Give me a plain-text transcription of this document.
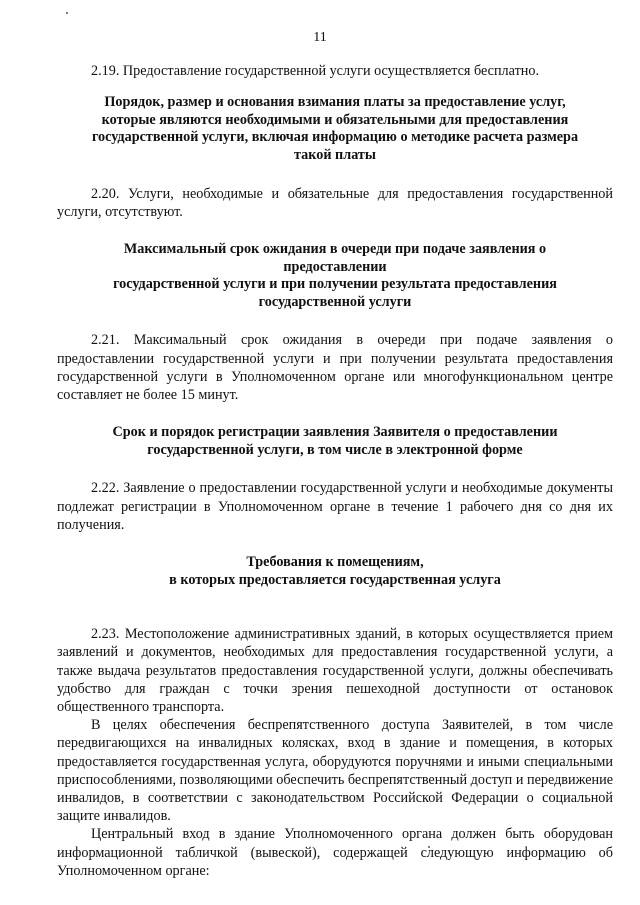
11

2.19. Предоставление государственной услуги осуществляется бесплатно.

Порядок, размер и основания взимания платы за предоставление услуг,

которые являются необходимыми и обязательными для предоставления

государственной услуги, включая информацию о методике расчета размера

такой платы

2.20. Услуги, необходимые и обязательные для предоставления государственной услуги, отсутствуют.

Максимальный срок ожидания в очереди при подаче заявления о

предоставлении

государственной услуги и при получении результата предоставления

государственной услуги

2.21. Максимальный срок ожидания в очереди при подаче заявления о предоставлении государственной услуги и при получении результата предоставления государственной услуги в Уполномоченном органе или многофункциональном центре составляет не более 15 минут.

Срок и порядок регистрации заявления Заявителя о предоставлении

государственной услуги, в том числе в электронной форме

2.22. Заявление о предоставлении государственной услуги и необходимые документы подлежат регистрации в Уполномоченном органе в течение 1 рабочего дня со дня их получения.

Требования к помещениям,

в которых предоставляется государственная услуга

2.23. Местоположение административных зданий, в которых осуществляется прием заявлений и документов, необходимых для предоставления государственной услуги, а также выдача результатов предоставления государственной услуги, должны обеспечивать удобство для граждан с точки зрения пешеходной доступности от остановок общественного транспорта.

В целях обеспечения беспрепятственного доступа Заявителей, в том числе передвигающихся на инвалидных колясках, вход в здание и помещения, в которых предоставляется государственная услуга, оборудуются поручнями и иными специальными приспособлениями, позволяющими обеспечить беспрепятственный доступ и передвижение инвалидов, в соответствии с законодательством Российской Федерации о социальной защите инвалидов.

Центральный вход в здание Уполномоченного органа должен быть оборудован информационной табличкой (вывеской), содержащей следующую информацию об Уполномоченном органе:
